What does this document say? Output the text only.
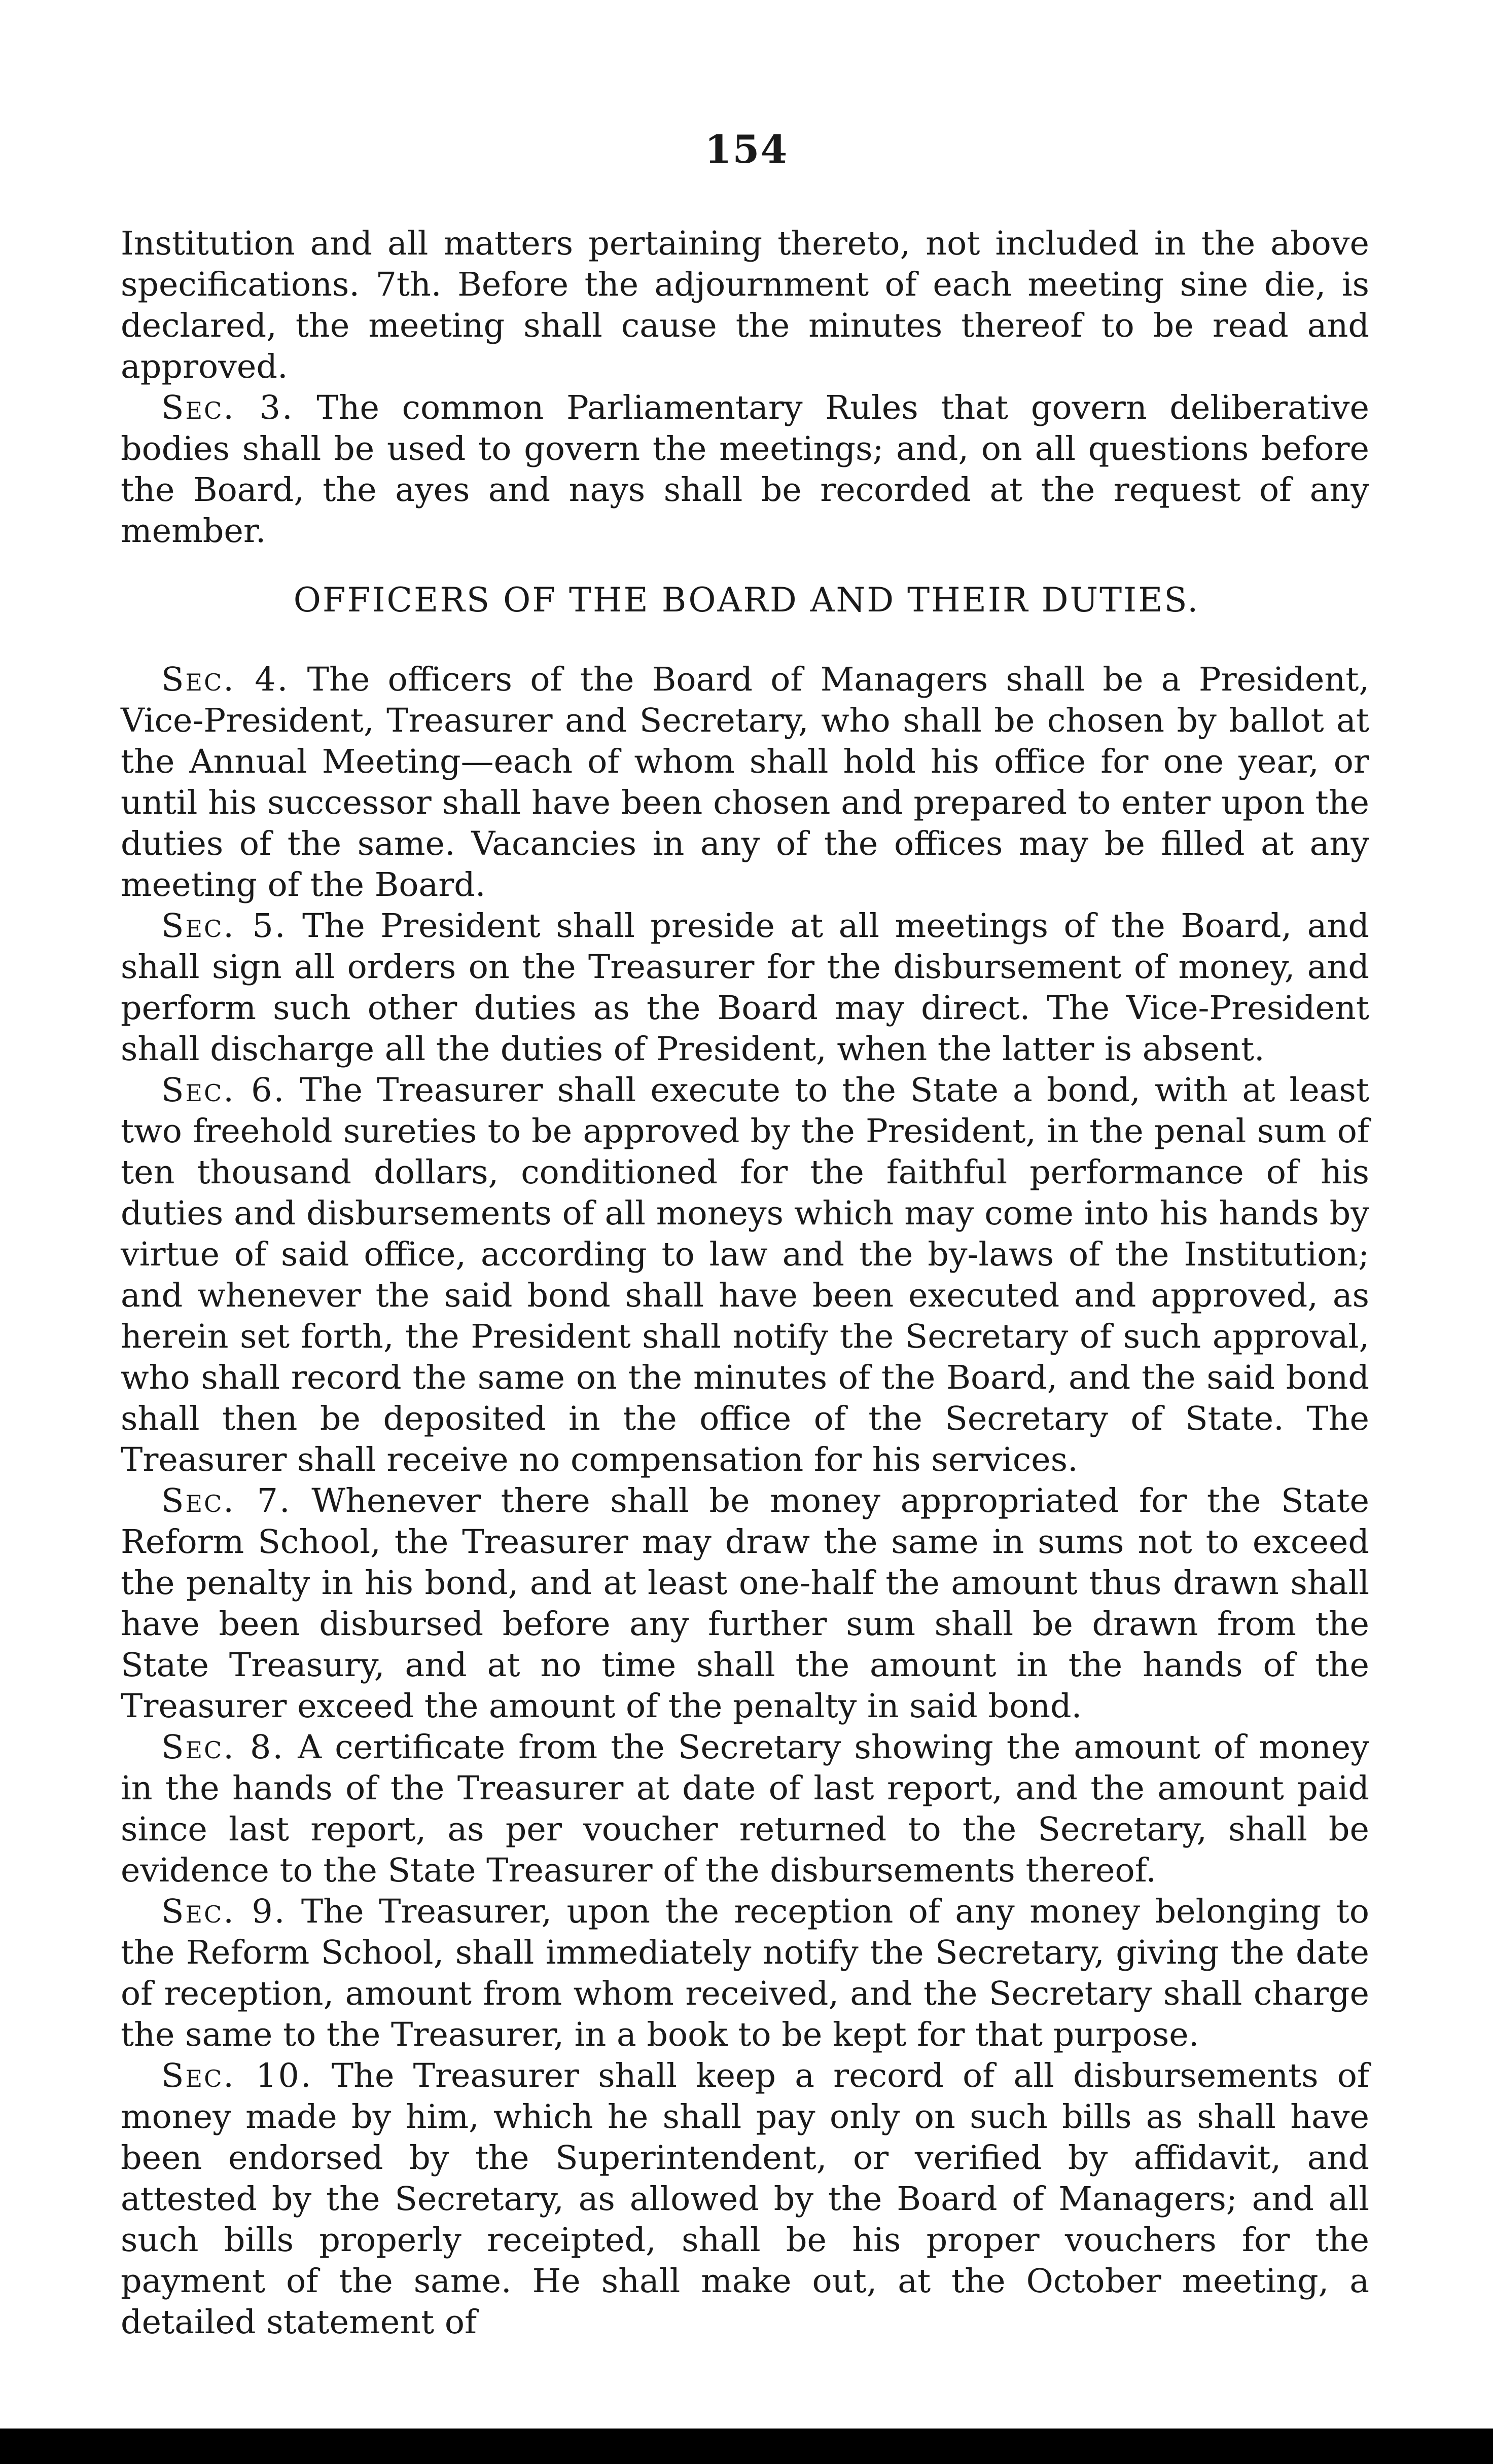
154

Institution and all matters pertaining thereto, not included in the above specifications. 7th. Before the adjournment of each meeting sine die, is declared, the meeting shall cause the minutes thereof to be read and approved.

Sec. 3. The common Parliamentary Rules that govern deliberative bodies shall be used to govern the meetings; and, on all questions before the Board, the ayes and nays shall be recorded at the request of any member.

OFFICERS OF THE BOARD AND THEIR DUTIES.

Sec. 4. The officers of the Board of Managers shall be a President, Vice-President, Treasurer and Secretary, who shall be chosen by ballot at the Annual Meeting—each of whom shall hold his office for one year, or until his successor shall have been chosen and prepared to enter upon the duties of the same. Vacancies in any of the offices may be filled at any meeting of the Board.

Sec. 5. The President shall preside at all meetings of the Board, and shall sign all orders on the Treasurer for the disbursement of money, and perform such other duties as the Board may direct. The Vice-President shall discharge all the duties of President, when the latter is absent.

Sec. 6. The Treasurer shall execute to the State a bond, with at least two freehold sureties to be approved by the President, in the penal sum of ten thousand dollars, conditioned for the faithful performance of his duties and disbursements of all moneys which may come into his hands by virtue of said office, according to law and the by-laws of the Institution; and whenever the said bond shall have been executed and approved, as herein set forth, the President shall notify the Secretary of such approval, who shall record the same on the minutes of the Board, and the said bond shall then be deposited in the office of the Secretary of State. The Treasurer shall receive no compensation for his services.

Sec. 7. Whenever there shall be money appropriated for the State Reform School, the Treasurer may draw the same in sums not to exceed the penalty in his bond, and at least one-half the amount thus drawn shall have been disbursed before any further sum shall be drawn from the State Treasury, and at no time shall the amount in the hands of the Treasurer exceed the amount of the penalty in said bond.

Sec. 8. A certificate from the Secretary showing the amount of money in the hands of the Treasurer at date of last report, and the amount paid since last report, as per voucher returned to the Secretary, shall be evidence to the State Treasurer of the disbursements thereof.

Sec. 9. The Treasurer, upon the reception of any money belonging to the Reform School, shall immediately notify the Secretary, giving the date of reception, amount from whom received, and the Secretary shall charge the same to the Treasurer, in a book to be kept for that purpose.

Sec. 10. The Treasurer shall keep a record of all disbursements of money made by him, which he shall pay only on such bills as shall have been endorsed by the Superintendent, or verified by affidavit, and attested by the Secretary, as allowed by the Board of Managers; and all such bills properly receipted, shall be his proper vouchers for the payment of the same. He shall make out, at the October meeting, a detailed statement of
